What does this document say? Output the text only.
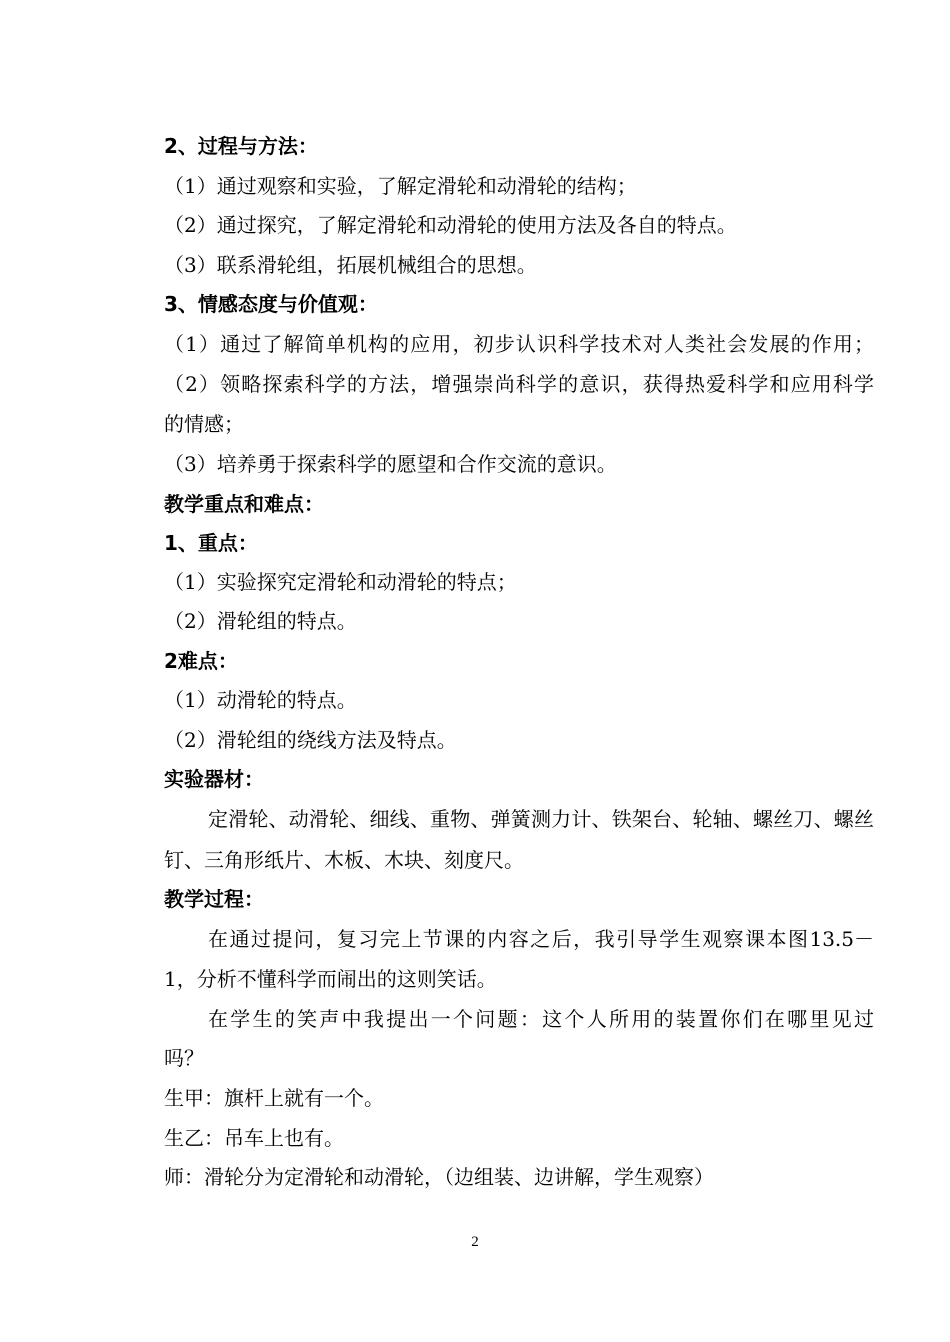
2、过程与方法：
（1）通过观察和实验，了解定滑轮和动滑轮的结构；
（2）通过探究，了解定滑轮和动滑轮的使用方法及各自的特点。
（3）联系滑轮组，拓展机械组合的思想。
3、情感态度与价值观：
（1）通过了解简单机构的应用，初步认识科学技术对人类社会发展的作用；
（2）领略探索科学的方法，增强崇尚科学的意识，获得热爱科学和应用科学
的情感；
（3）培养勇于探索科学的愿望和合作交流的意识。
教学重点和难点：
1、重点：
（1）实验探究定滑轮和动滑轮的特点；
（2）滑轮组的特点。
2难点：
（1）动滑轮的特点。
（2）滑轮组的绕线方法及特点。
实验器材：
定滑轮、动滑轮、细线、重物、弹簧测力计、铁架台、轮轴、螺丝刀、螺丝
钉、三角形纸片、木板、木块、刻度尺。
教学过程：
在通过提问，复习完上节课的内容之后，我引导学生观察课本图13.5－
1，分析不懂科学而闹出的这则笑话。
在学生的笑声中我提出一个问题：这个人所用的装置你们在哪里见过
吗？
生甲：旗杆上就有一个。
生乙：吊车上也有。
师：滑轮分为定滑轮和动滑轮，（边组装、边讲解，学生观察）
2
